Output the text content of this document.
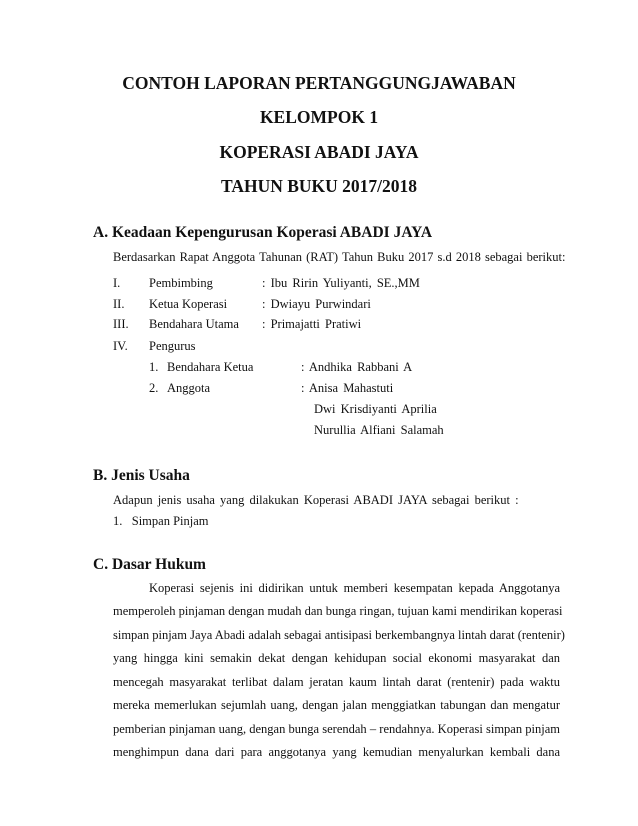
CONTOH LAPORAN PERTANGGUNGJAWABAN
KELOMPOK 1
KOPERASI ABADI JAYA
TAHUN BUKU 2017/2018
A. Keadaan Kepengurusan Koperasi ABADI JAYA
Berdasarkan Rapat Anggota Tahunan (RAT) Tahun Buku 2017 s.d 2018 sebagai berikut:
I. Pembimbing	: Ibu Ririn Yuliyanti, SE.,MM
II. Ketua Koperasi	: Dwiayu Purwindari
III. Bendahara Utama : Primajatti Pratiwi
IV. Pengurus
1. Bendahara Ketua	: Andhika Rabbani A
2. Anggota	: Anisa Mahastuti
Dwi Krisdiyanti Aprilia
Nurullia Alfiani Salamah
B. Jenis Usaha
Adapun jenis usaha yang dilakukan Koperasi ABADI JAYA sebagai berikut :
1.   Simpan Pinjam
C. Dasar Hukum
Koperasi sejenis ini didirikan untuk memberi kesempatan kepada Anggotanya
memperoleh pinjaman dengan mudah dan bunga ringan, tujuan kami mendirikan koperasi
simpan pinjam Jaya Abadi adalah sebagai antisipasi berkembangnya lintah darat (rentenir)
yang hingga kini semakin dekat dengan kehidupan social ekonomi masyarakat dan
mencegah masyarakat terlibat dalam jeratan kaum lintah darat (rentenir) pada waktu
mereka memerlukan sejumlah uang, dengan jalan menggiatkan tabungan dan mengatur
pemberian pinjaman uang, dengan bunga serendah – rendahnya. Koperasi simpan pinjam
menghimpun dana dari para anggotanya yang kemudian menyalurkan kembali dana
